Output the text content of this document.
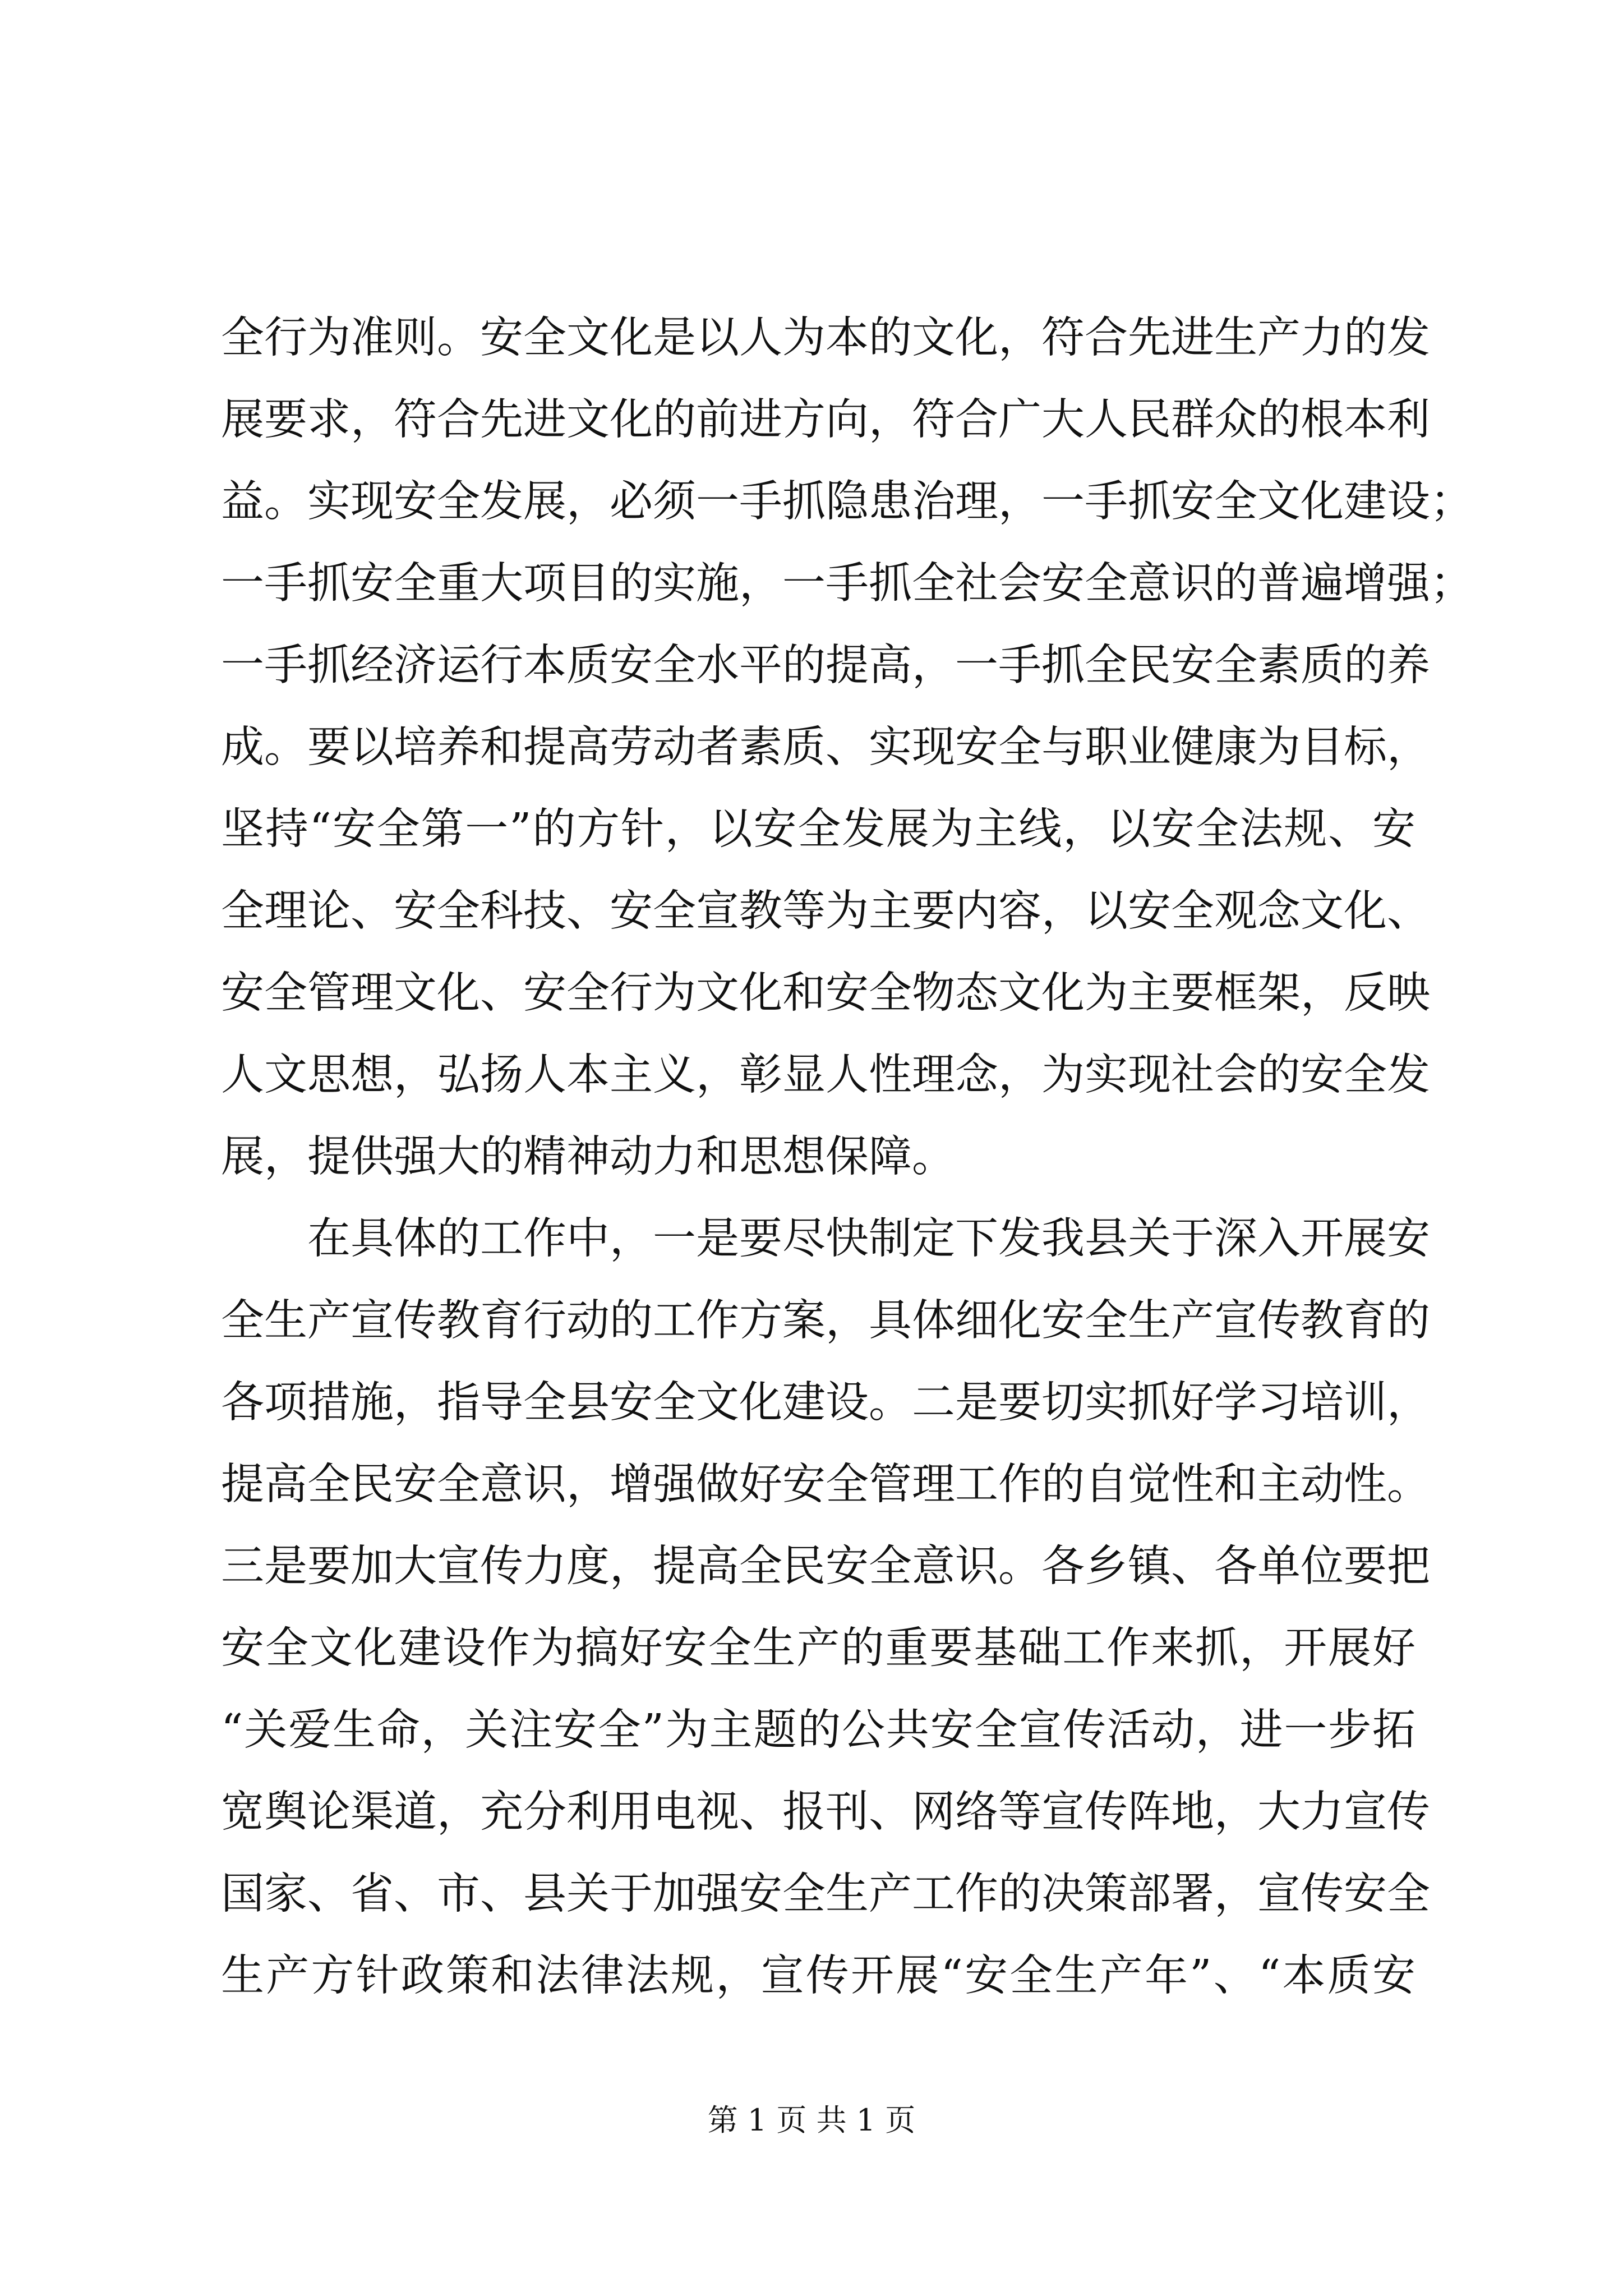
全行为准则。安全文化是以人为本的文化，符合先进生产力的发
展要求，符合先进文化的前进方向，符合广大人民群众的根本利
益。实现安全发展，必须一手抓隐患治理，一手抓安全文化建设；
一手抓安全重大项目的实施，一手抓全社会安全意识的普遍增强；
一手抓经济运行本质安全水平的提高，一手抓全民安全素质的养
成。要以培养和提高劳动者素质、实现安全与职业健康为目标，
坚持“安全第一”的方针，以安全发展为主线，以安全法规、安
全理论、安全科技、安全宣教等为主要内容，以安全观念文化、
安全管理文化、安全行为文化和安全物态文化为主要框架，反映
人文思想，弘扬人本主义，彰显人性理念，为实现社会的安全发
展，提供强大的精神动力和思想保障。
在具体的工作中，一是要尽快制定下发我县关于深入开展安
全生产宣传教育行动的工作方案，具体细化安全生产宣传教育的
各项措施，指导全县安全文化建设。二是要切实抓好学习培训，
提高全民安全意识，增强做好安全管理工作的自觉性和主动性。
三是要加大宣传力度，提高全民安全意识。各乡镇、各单位要把
安全文化建设作为搞好安全生产的重要基础工作来抓，开展好
“关爱生命，关注安全”为主题的公共安全宣传活动，进一步拓
宽舆论渠道，充分利用电视、报刊、网络等宣传阵地，大力宣传
国家、省、市、县关于加强安全生产工作的决策部署，宣传安全
生产方针政策和法律法规，宣传开展“安全生产年”、“本质安
第 1 页 共 1 页
